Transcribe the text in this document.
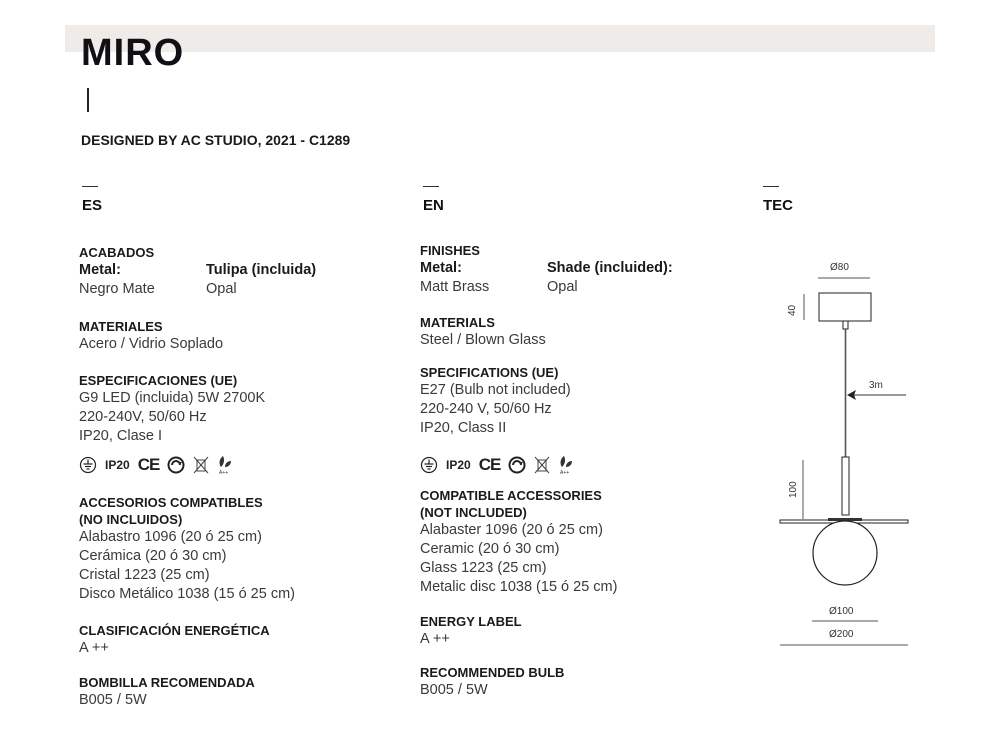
MIRO
DESIGNED BY AC STUDIO, 2021 - C1289
ES
ACABADOS
Metal:
Negro Mate
Tulipa (incluida)
Opal
MATERIALES
Acero / Vidrio Soplado
ESPECIFICACIONES (UE)
G9 LED (incluida) 5W 2700K
220-240V, 50/60 Hz
IP20, Clase I
IP20 CE	A++
ACCESORIOS COMPATIBLES
(NO INCLUIDOS)
Alabastro 1096 (20 ó 25 cm)
Cerámica (20 ó 30 cm)
Cristal 1223 (25 cm)
Disco Metálico 1038 (15 ó 25 cm)
CLASIFICACIÓN ENERGÉTICA
A ++
BOMBILLA RECOMENDADA
B005 / 5W
EN
FINISHES
Metal:
Matt Brass
Shade (incluided):
Opal
MATERIALS
Steel / Blown Glass
SPECIFICATIONS (UE)
E27 (Bulb not included)
220-240 V, 50/60 Hz
IP20, Class II
IP20 CE	A++
COMPATIBLE ACCESSORIES
(NOT INCLUDED)
Alabaster 1096 (20 ó 25 cm)
Ceramic (20 ó 30 cm)
Glass 1223 (25 cm)
Metalic disc 1038 (15 ó 25 cm)
ENERGY LABEL
A ++
RECOMMENDED BULB
B005 / 5W
TEC
Ø80
40
3m
100
Ø100
Ø200
